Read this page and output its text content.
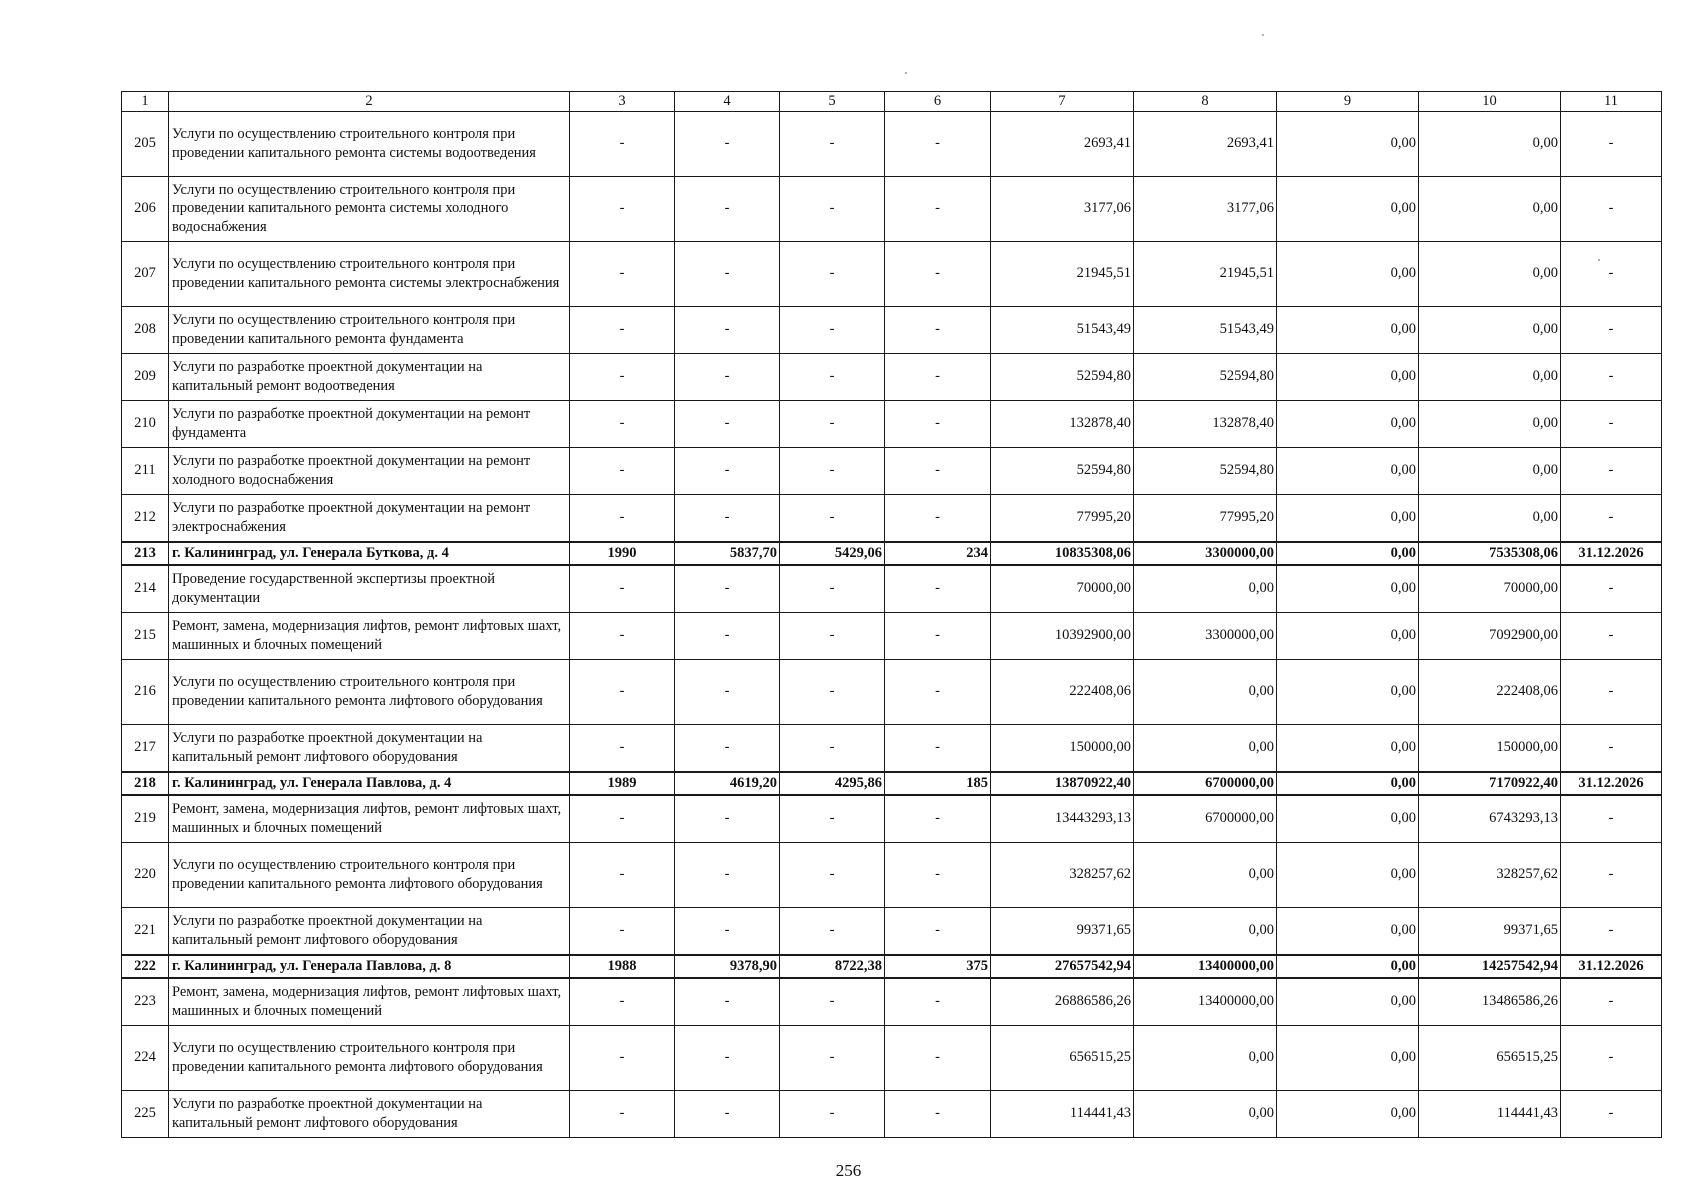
1	2	3	4	5	6	7	8	9	10	11
205	Услуги по осуществлению строительного контроля при проведении капитального ремонта системы водоотведения	-	-	-	-	2693,41	2693,41	0,00	0,00	-
206	Услуги по осуществлению строительного контроля при проведении капитального ремонта системы холодного водоснабжения	-	-	-	-	3177,06	3177,06	0,00	0,00	-
207	Услуги по осуществлению строительного контроля при проведении капитального ремонта системы электроснабжения	-	-	-	-	21945,51	21945,51	0,00	0,00	-
208	Услуги по осуществлению строительного контроля при проведении капитального ремонта фундамента	-	-	-	-	51543,49	51543,49	0,00	0,00	-
209	Услуги по разработке проектной документации на капитальный ремонт водоотведения	-	-	-	-	52594,80	52594,80	0,00	0,00	-
210	Услуги по разработке проектной документации на ремонт фундамента	-	-	-	-	132878,40	132878,40	0,00	0,00	-
211	Услуги по разработке проектной документации на ремонт холодного водоснабжения	-	-	-	-	52594,80	52594,80	0,00	0,00	-
212	Услуги по разработке проектной документации на ремонт электроснабжения	-	-	-	-	77995,20	77995,20	0,00	0,00	-
213	г. Калининград, ул. Генерала Буткова, д. 4	1990	5837,70	5429,06	234	10835308,06	3300000,00	0,00	7535308,06	31.12.2026
214	Проведение государственной экспертизы проектной документации	-	-	-	-	70000,00	0,00	0,00	70000,00	-
215	Ремонт, замена, модернизация лифтов, ремонт лифтовых шахт, машинных и блочных помещений	-	-	-	-	10392900,00	3300000,00	0,00	7092900,00	-
216	Услуги по осуществлению строительного контроля при проведении капитального ремонта лифтового оборудования	-	-	-	-	222408,06	0,00	0,00	222408,06	-
217	Услуги по разработке проектной документации на капитальный ремонт лифтового оборудования	-	-	-	-	150000,00	0,00	0,00	150000,00	-
218	г. Калининград, ул. Генерала Павлова, д. 4	1989	4619,20	4295,86	185	13870922,40	6700000,00	0,00	7170922,40	31.12.2026
219	Ремонт, замена, модернизация лифтов, ремонт лифтовых шахт, машинных и блочных помещений	-	-	-	-	13443293,13	6700000,00	0,00	6743293,13	-
220	Услуги по осуществлению строительного контроля при проведении капитального ремонта лифтового оборудования	-	-	-	-	328257,62	0,00	0,00	328257,62	-
221	Услуги по разработке проектной документации на капитальный ремонт лифтового оборудования	-	-	-	-	99371,65	0,00	0,00	99371,65	-
222	г. Калининград, ул. Генерала Павлова, д. 8	1988	9378,90	8722,38	375	27657542,94	13400000,00	0,00	14257542,94	31.12.2026
223	Ремонт, замена, модернизация лифтов, ремонт лифтовых шахт, машинных и блочных помещений	-	-	-	-	26886586,26	13400000,00	0,00	13486586,26	-
224	Услуги по осуществлению строительного контроля при проведении капитального ремонта лифтового оборудования	-	-	-	-	656515,25	0,00	0,00	656515,25	-
225	Услуги по разработке проектной документации на капитальный ремонт лифтового оборудования	-	-	-	-	114441,43	0,00	0,00	114441,43	-
256
